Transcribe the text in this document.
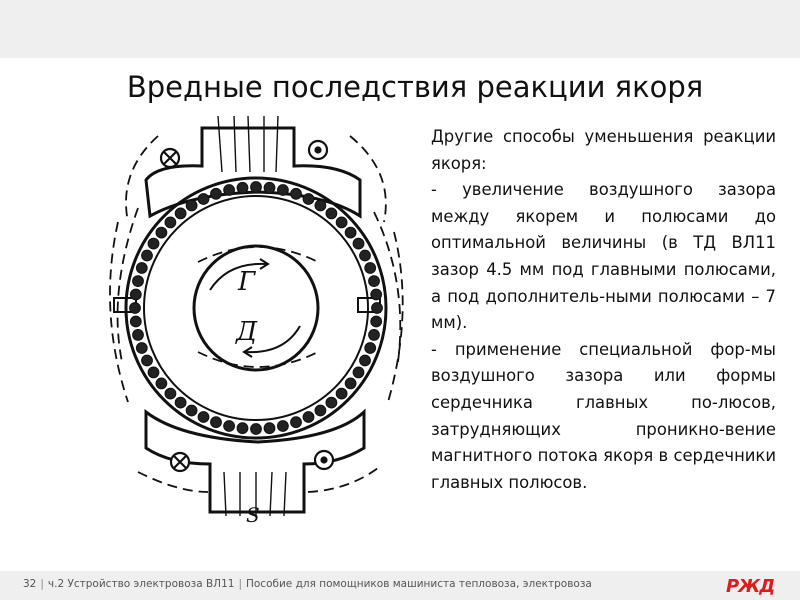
Вредные последствия реакции якоря
Г
Д
S

Другие способы уменьшения реакции якоря:

- увеличение воздушного зазора между якорем и полюсами до оптимальной величины (в ТД ВЛ11 зазор 4.5 мм под главными полюсами, а под дополнитель-ными полюсами – 7 мм).

- применение специальной фор-мы воздушного зазора или формы сердечника главных по-люсов, затрудняющих проникно-вение магнитного потока якоря в сердечники главных полюсов.

32 | ч.2 Устройство электровоза ВЛ11 | Пособие для помощников машиниста тепловоза, электровоза	РЖД
